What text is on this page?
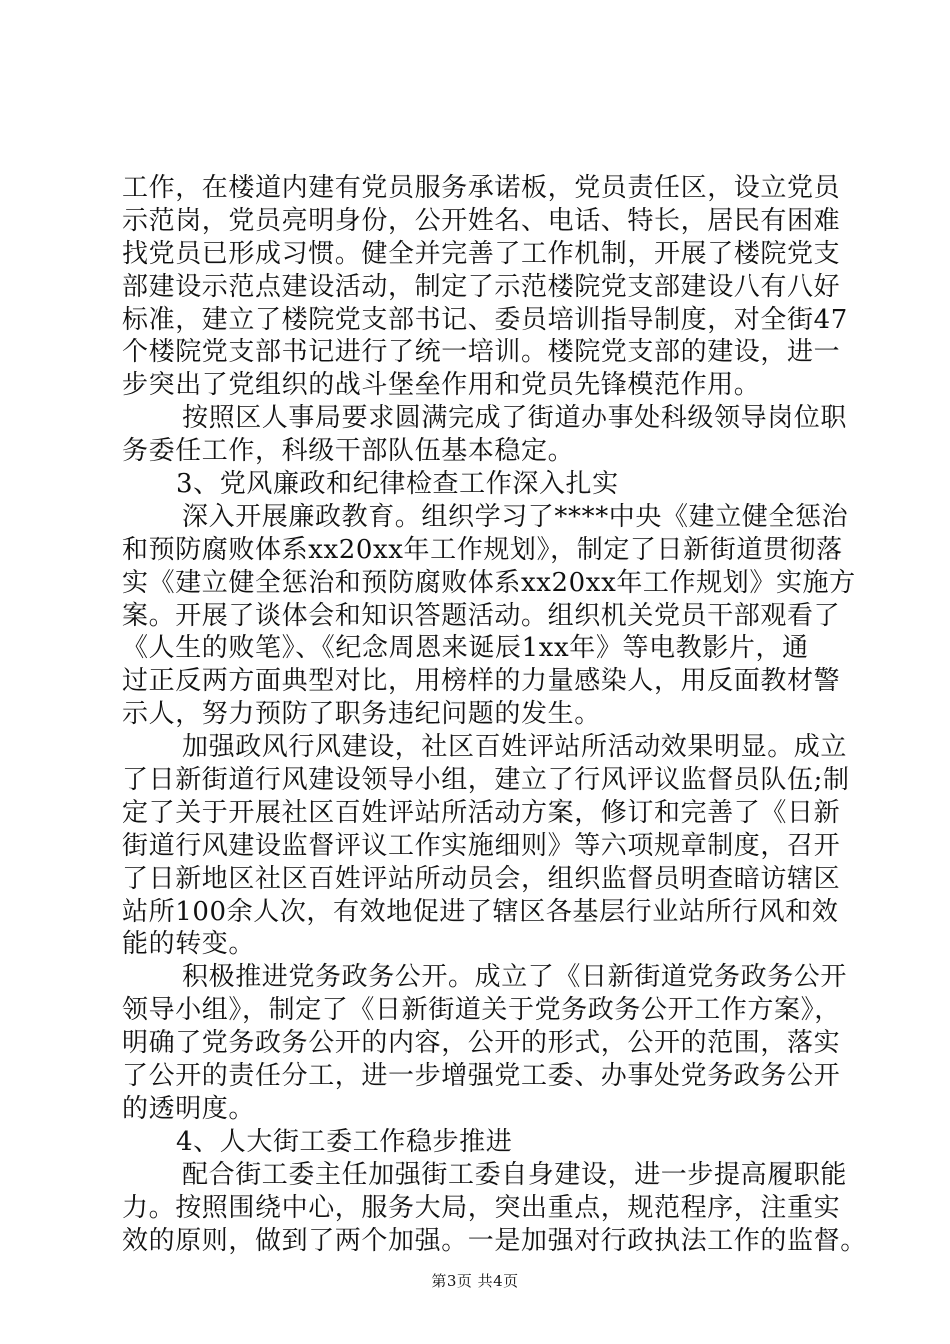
工作，在楼道内建有党员服务承诺板，党员责任区，设立党员
示范岗，党员亮明身份，公开姓名、电话、特长，居民有困难
找党员已形成习惯。健全并完善了工作机制，开展了楼院党支
部建设示范点建设活动，制定了示范楼院党支部建设八有八好
标准，建立了楼院党支部书记、委员培训指导制度，对全街47
个楼院党支部书记进行了统一培训。楼院党支部的建设，进一
步突出了党组织的战斗堡垒作用和党员先锋模范作用。
按照区人事局要求圆满完成了街道办事处科级领导岗位职
务委任工作，科级干部队伍基本稳定。
3、党风廉政和纪律检查工作深入扎实
深入开展廉政教育。组织学习了****中央《建立健全惩治
和预防腐败体系xx20xx年工作规划》，制定了日新街道贯彻落
实《建立健全惩治和预防腐败体系xx20xx年工作规划》实施方
案。开展了谈体会和知识答题活动。组织机关党员干部观看了
《人生的败笔》、《纪念周恩来诞辰1xx年》等电教影片，通
过正反两方面典型对比，用榜样的力量感染人，用反面教材警
示人，努力预防了职务违纪问题的发生。
加强政风行风建设，社区百姓评站所活动效果明显。成立
了日新街道行风建设领导小组，建立了行风评议监督员队伍;制
定了关于开展社区百姓评站所活动方案，修订和完善了《日新
街道行风建设监督评议工作实施细则》等六项规章制度，召开
了日新地区社区百姓评站所动员会，组织监督员明查暗访辖区
站所100余人次，有效地促进了辖区各基层行业站所行风和效
能的转变。
积极推进党务政务公开。成立了《日新街道党务政务公开
领导小组》，制定了《日新街道关于党务政务公开工作方案》，
明确了党务政务公开的内容，公开的形式，公开的范围，落实
了公开的责任分工，进一步增强党工委、办事处党务政务公开
的透明度。
4、人大街工委工作稳步推进
配合街工委主任加强街工委自身建设，进一步提高履职能
力。按照围绕中心，服务大局，突出重点，规范程序，注重实
效的原则，做到了两个加强。一是加强对行政执法工作的监督。
第3页 共4页
